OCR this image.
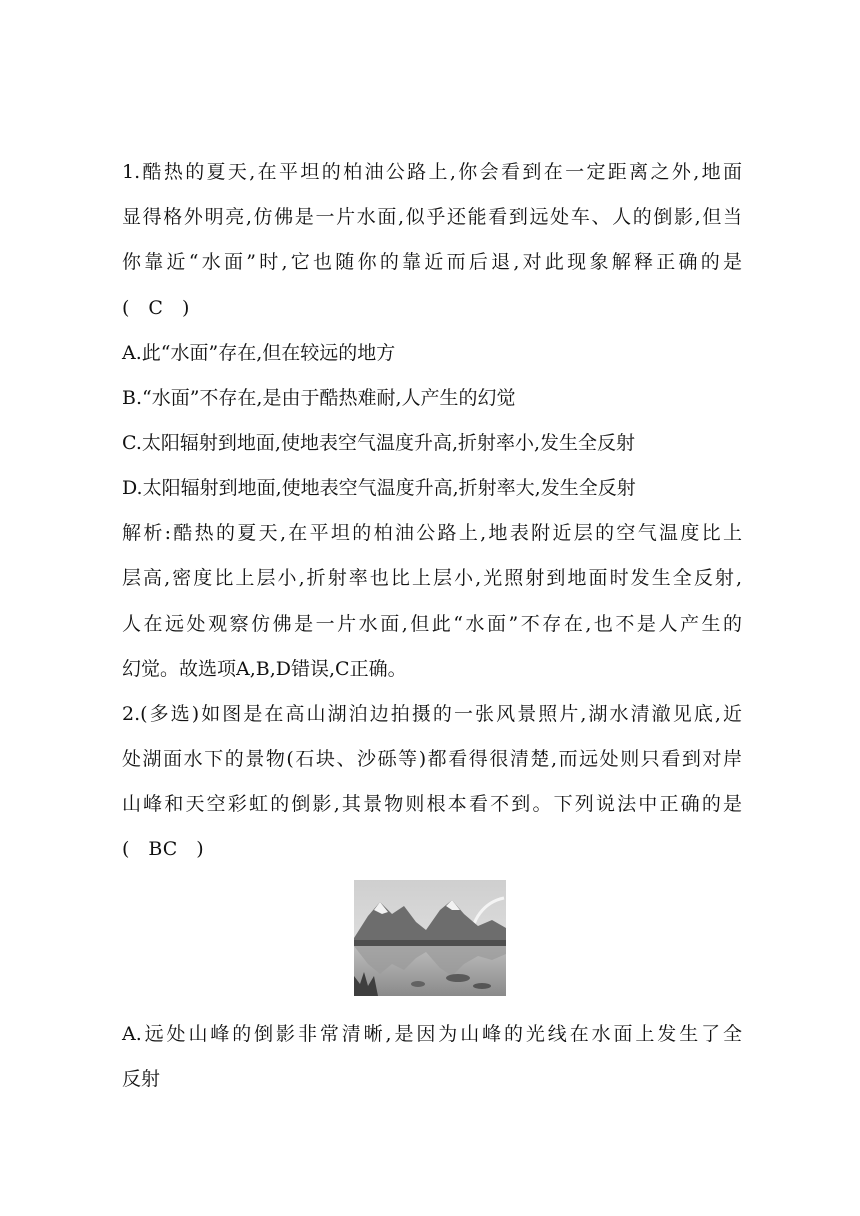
1.酷热的夏天,在平坦的柏油公路上,你会看到在一定距离之外,地面
显得格外明亮,仿佛是一片水面,似乎还能看到远处车、人的倒影,但当
你靠近“水面”时,它也随你的靠近而后退,对此现象解释正确的是
(　C　)
A.此“水面”存在,但在较远的地方
B.“水面”不存在,是由于酷热难耐,人产生的幻觉
C.太阳辐射到地面,使地表空气温度升高,折射率小,发生全反射
D.太阳辐射到地面,使地表空气温度升高,折射率大,发生全反射
解析:酷热的夏天,在平坦的柏油公路上,地表附近层的空气温度比上
层高,密度比上层小,折射率也比上层小,光照射到地面时发生全反射,
人在远处观察仿佛是一片水面,但此“水面”不存在,也不是人产生的
幻觉。故选项A,B,D错误,C正确。
2.(多选)如图是在高山湖泊边拍摄的一张风景照片,湖水清澈见底,近
处湖面水下的景物(石块、沙砾等)都看得很清楚,而远处则只看到对岸
山峰和天空彩虹的倒影,其景物则根本看不到。下列说法中正确的是
(　BC　)
A.远处山峰的倒影非常清晰,是因为山峰的光线在水面上发生了全
反射
